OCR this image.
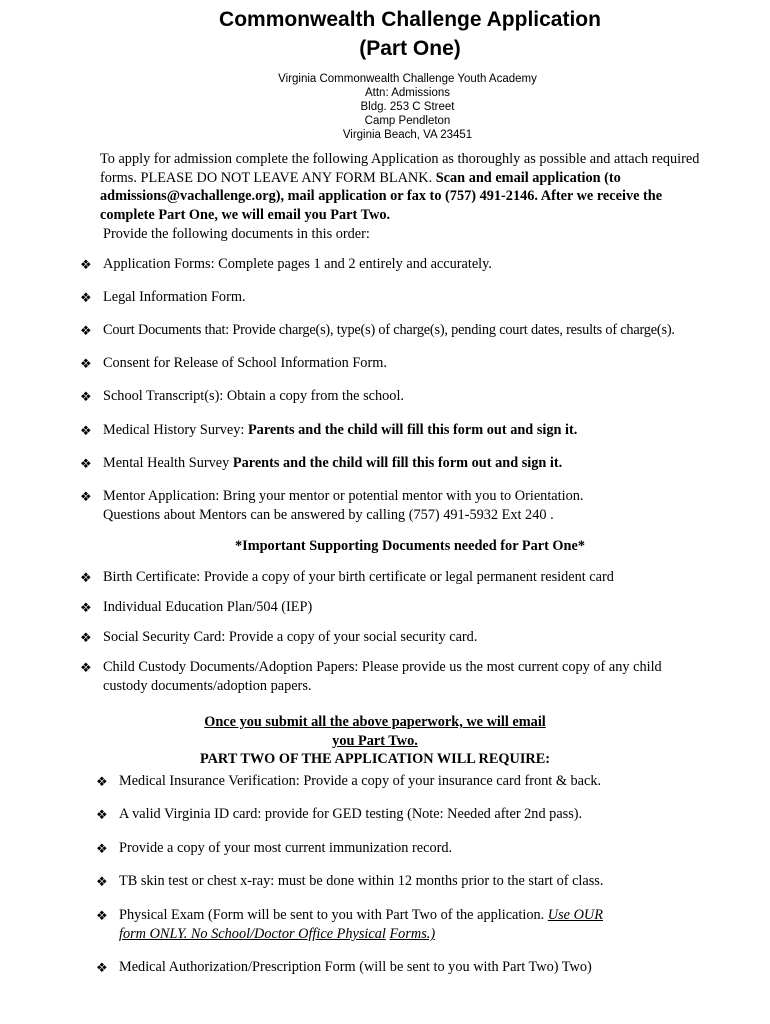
Commonwealth Challenge Application
(Part One)
Virginia Commonwealth Challenge Youth Academy
Attn: Admissions
Bldg. 253 C Street
Camp Pendleton
Virginia Beach, VA 23451
To apply for admission complete the following Application as thoroughly as possible and attach required forms. PLEASE DO NOT LEAVE ANY FORM BLANK. Scan and email application (to admissions@vachallenge.org), mail application or fax to (757) 491-2146. After we receive the complete Part One, we will email you Part Two.
Provide the following documents in this order:
❖ Application Forms: Complete pages 1 and 2 entirely and accurately.
❖ Legal Information Form.
❖ Court Documents that: Provide charge(s), type(s) of charge(s), pending court dates, results of charge(s).
❖ Consent for Release of School Information Form.
❖ School Transcript(s): Obtain a copy from the school.
❖ Medical History Survey: Parents and the child will fill this form out and sign it.
❖ Mental Health Survey Parents and the child will fill this form out and sign it.
❖ Mentor Application: Bring your mentor or potential mentor with you to Orientation.
Questions about Mentors can be answered by calling (757) 491-5932 Ext 240 .
*Important Supporting Documents needed for Part One*
❖ Birth Certificate: Provide a copy of your birth certificate or legal permanent resident card
❖ Individual Education Plan/504 (IEP)
❖ Social Security Card: Provide a copy of your social security card.
❖ Child Custody Documents/Adoption Papers: Please provide us the most current copy of any child
custody documents/adoption papers.
Once you submit all the above paperwork, we will email
you Part Two.
PART TWO OF THE APPLICATION WILL REQUIRE:
❖ Medical Insurance Verification: Provide a copy of your insurance card front & back.
❖ A valid Virginia ID card: provide for GED testing (Note: Needed after 2nd pass).
❖ Provide a copy of your most current immunization record.
❖ TB skin test or chest x-ray: must be done within 12 months prior to the start of class.
❖ Physical Exam (Form will be sent to you with Part Two of the application. Use OUR
form ONLY. No School/Doctor Office Physical Forms.)
❖ Medical Authorization/Prescription Form (will be sent to you with Part Two) Two)
